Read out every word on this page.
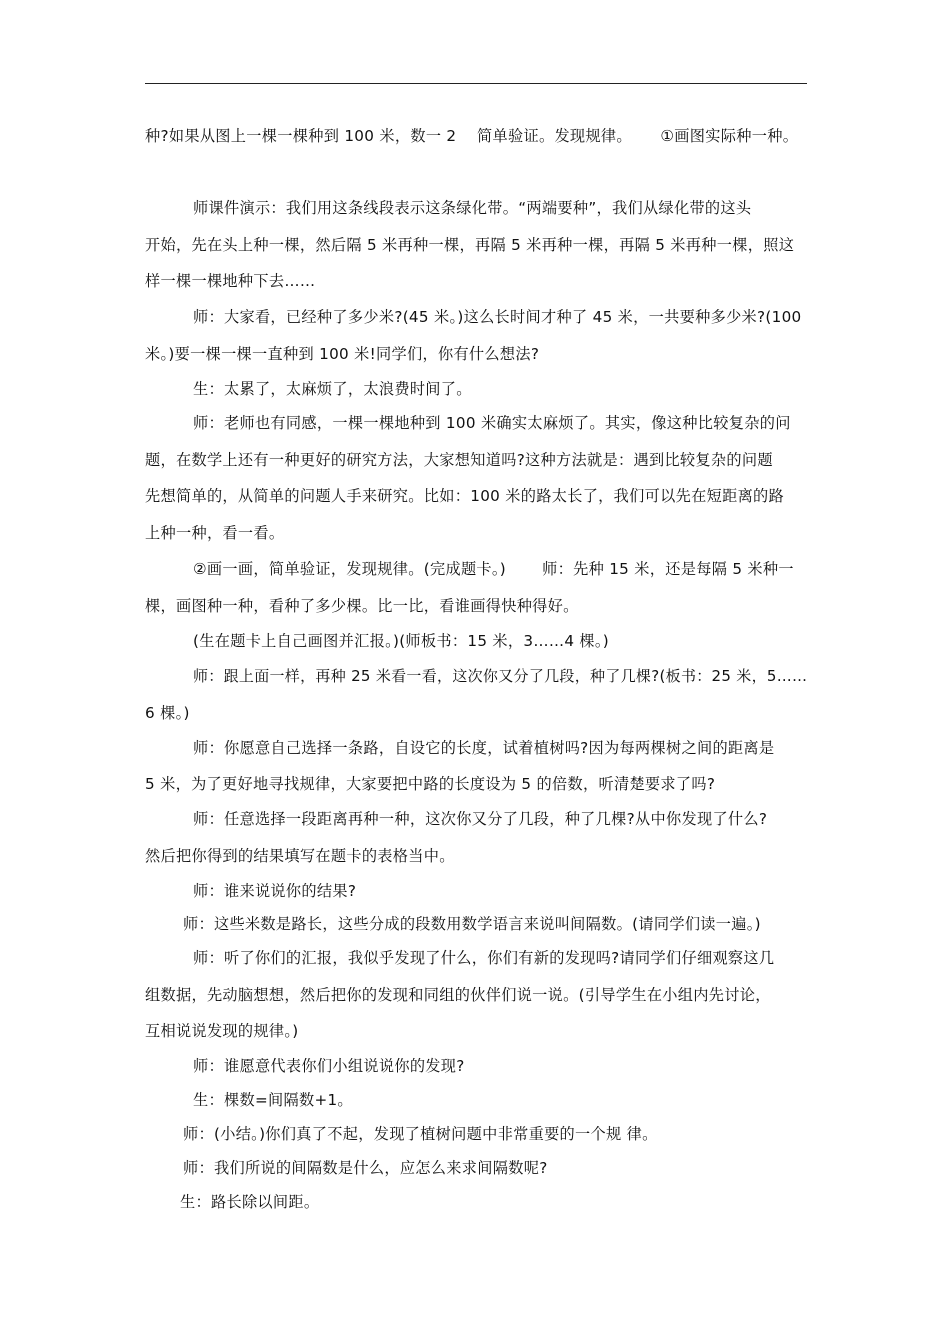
种?如果从图上一棵一棵种到 100 米，数一 2　 简单验证。发现规律。　　 ①画图实际种一种。
师课件演示：我们用这条线段表示这条绿化带。“两端要种”，我们从绿化带的这头
开始，先在头上种一棵，然后隔 5 米再种一棵，再隔 5 米再种一棵，再隔 5 米再种一棵，照这
样一棵一棵地种下去……
师：大家看，已经种了多少米?(45 米。)这么长时间才种了 45 米，一共要种多少米?(100
米。)要一棵一棵一直种到 100 米!同学们，你有什么想法?
生：太累了，太麻烦了，太浪费时间了。
师：老师也有同感，一棵一棵地种到 100 米确实太麻烦了。其实，像这种比较复杂的问
题，在数学上还有一种更好的研究方法，大家想知道吗?这种方法就是：遇到比较复杂的问题
先想简单的，从简单的问题人手来研究。比如：100 米的路太长了，我们可以先在短距离的路
上种一种，看一看。
②画一画，简单验证，发现规律。(完成题卡。)　　 师：先种 15 米，还是每隔 5 米种一
棵，画图种一种，看种了多少棵。比一比，看谁画得快种得好。
(生在题卡上自己画图并汇报。)(师板书：15 米，3……4 棵。)
师：跟上面一样，再种 25 米看一看，这次你又分了几段，种了几棵?(板书：25 米，5……
6 棵。)
师：你愿意自己选择一条路，自设它的长度，试着植树吗?因为每两棵树之间的距离是
5 米，为了更好地寻找规律，大家要把中路的长度设为 5 的倍数，听清楚要求了吗?
师：任意选择一段距离再种一种，这次你又分了几段，种了几棵?从中你发现了什么?
然后把你得到的结果填写在题卡的表格当中。
师：谁来说说你的结果?
师：这些米数是路长，这些分成的段数用数学语言来说叫间隔数。(请同学们读一遍。)
师：听了你们的汇报，我似乎发现了什么，你们有新的发现吗?请同学们仔细观察这几
组数据，先动脑想想，然后把你的发现和同组的伙伴们说一说。(引导学生在小组内先讨论，
互相说说发现的规律。)
师：谁愿意代表你们小组说说你的发现?
生：棵数=间隔数+1。
师：(小结。)你们真了不起，发现了植树问题中非常重要的一个规 律。
师：我们所说的间隔数是什么，应怎么来求间隔数呢?
生：路长除以间距。
